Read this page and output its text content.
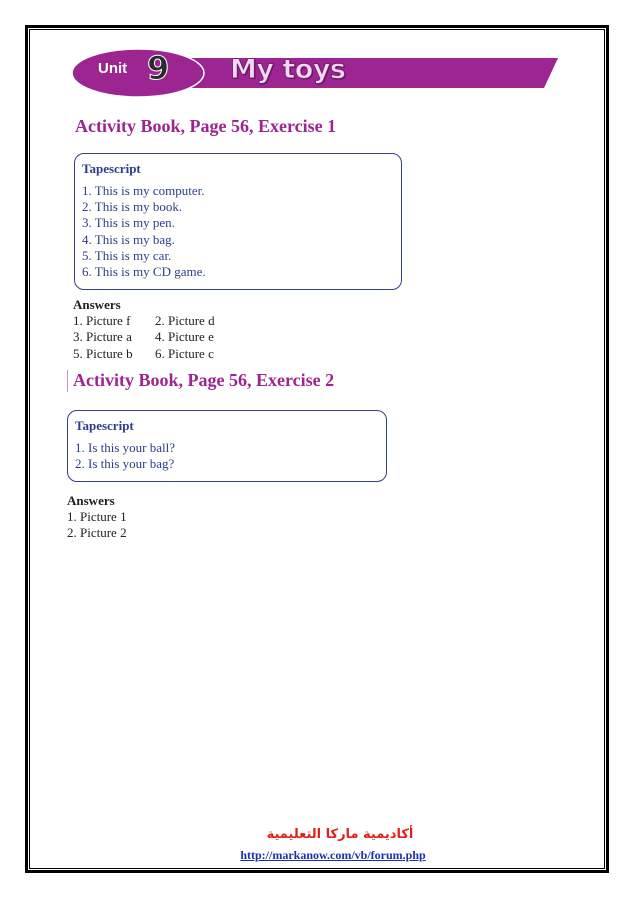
Unit 9 My toys
Activity Book, Page 56, Exercise 1
Tapescript
1. This is my computer.
2. This is my book.
3. This is my pen.
4. This is my bag.
5. This is my car.
6. This is my CD game.
Answers
1. Picture f 2. Picture d
3. Picture a 4. Picture e
5. Picture b 6. Picture c
Activity Book, Page 56, Exercise 2
Tapescript
1. Is this your ball?
2. Is this your bag?
Answers
1. Picture 1
2. Picture 2
أكاديمية ماركا التعليمية
http://markanow.com/vb/forum.php
